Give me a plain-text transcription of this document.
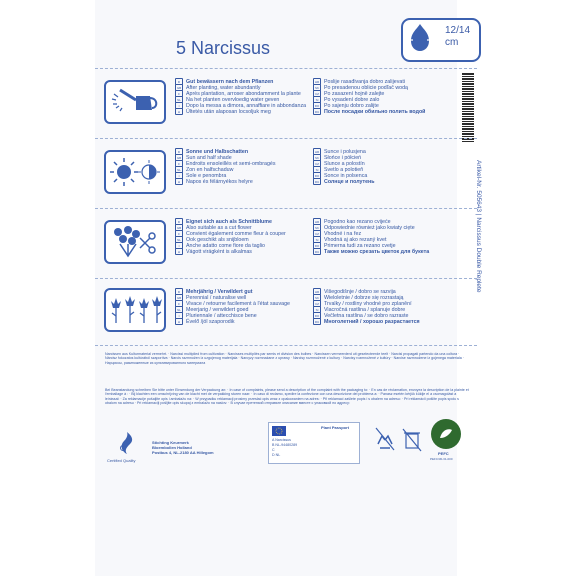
5 Narcissus
12/14
cm
Artikel-Nr. 505643 | Narcissus Double Replete
D Gut bewässern nach dem Pflanzen
GB After planting, water abundantly
F Après plantation, arroser abondamment la plante
NL Na het planten overvloedig water geven
I Dopo la messa a dimora, annaffiare in abbondanza
H Ültetés után alaposan locsoljuk meg
HR Poslije rasađivanja dobro zalijevati
SK Po presadenou oblicie podľač wodą
CZ Po zasazení hojně zalejte
SI Po vysadení dobre zalo
RO Po sajenju dobro zalijte
RU После посадки обильно полить водой
D Sonne und Halbschatten
GB Sun and half shade
F Endroits ensoleillés et semi-ombragés
NL Zon en halfschaduw
I Sole e penombra
H Napos és félárnyékos helyre
HR Sunce i polusjena
SK Słońce i półcień
CZ Slunce a polostín
SI Svetlo a polotieň
RO Sonce in polsenca
RU Солнце и полутень
D Eignet sich auch als Schnittblume
GB Also suitable as a cut flower
F Convient également comme fleur à couper
NL Ook geschikt als snijbloem
I Anche adatto come fiore da taglio
H Vágott virágként is alkalmas
HR Pogodno kao rezano cvijeće
SK Odpowiednie również jako kwiaty cięte
CZ Vhodné i na řez
SI Vhodná aj ako rezaný kvet
RO Primerna tudi za rezano cvetje
RU Также можно срезать цветок для букета
D Mehrjährig / Verwildert gut
GB Perennial / naturalise well
F Vivace / retourne facilement à l'état sauvage
NL Meerjarig / verwildert goed
I Pluriennale / attecchisce bene
H Évelő /jól szaporodik
HR Višegodišnje / dobro se razvija
SK Wieloletnie / dobrze się rozrastają
CZ Trvalky / rostliny vhodné pro zplanění
SI Viacročná rastlina / splanuje dobre
RO Večletna rastlina / se dobro razraste
RU Многолетний / хорошо разрастается
Narcissen aus Kulturmaterial vermehrt. · Narcissi multiplied from cultivation · Narcisses multipliés par semis et division des bulbes · Narcissen vermeerderd uit geselecteerde teelt · Narcisi propagati partendo da una coltura · Nárcisz fokozatos kultúrából szaporítva · Narcis razmnožen iz uzgojenog materijala · Narcyzy rozmnażane z uprawy · Narcisy rozmnožené z kultury · Narcisy rozmnožené z kultúry · Narcise razmnožene iz gojenega materiala · Нарциссы, размноженные из культивированного материала
Bei Beanstandung schreiben Sie bitte unter Einsendung der Verpackung an: · In case of complaints, please send a description of the complaint with the packaging to: · En cas de réclamation, envoyez la description de la plainte et l'emballage à : · Bij klachten een omschrijving van de klacht met de verpakking sturen naar: · In caso di reclamo, spedire la confezione con una descrizione del problema a: · Panasz esetén kérjük küldje el a csomagolást a leírással: · Za reklamacije pošaljite opis i ambalažu na: · W przypadku reklamacji prosimy przesłać opis wraz z opakowaniem na adres: · Při reklamaci zašlete popis i s obalem na adresu: · Pri reklamácii pošlite popis spolu s obalom na adresu · Pri reklamaciji pošljite opis skupaj z embalažo na naslov: · В случае претензий отправьте описание вместе с упаковкой по адресу:
Certified Quality
Stichting Keurmerk
Bloembollen Holland
Postbus 4, NL-2180 AA Hillegom
Plant Passport
A Narcissus
B NL-94480289
C
D NL	PEFC
PEFC/30-31-000
